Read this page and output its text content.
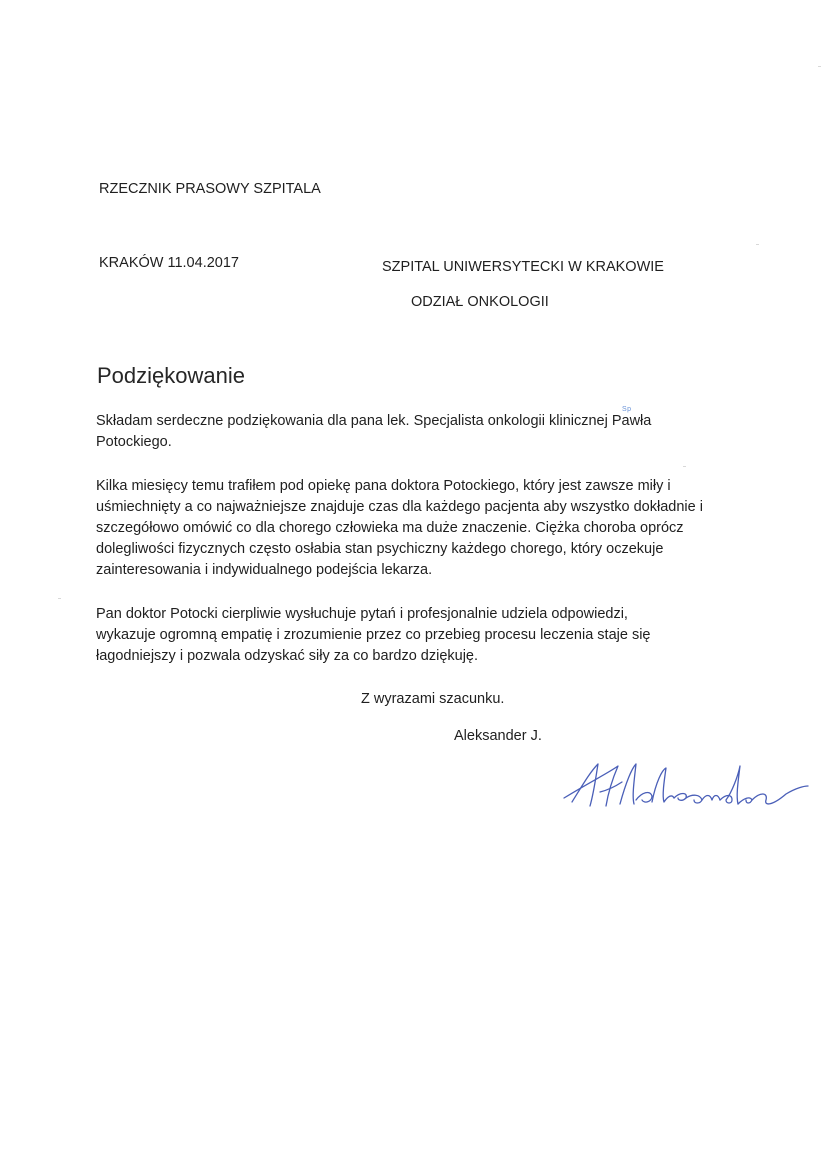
RZECZNIK PRASOWY SZPITALA
KRAKÓW 11.04.2017	SZPITAL UNIWERSYTECKI W KRAKOWIE
ODZIAŁ ONKOLOGII
Podziękowanie
Składam serdeczne podziękowania dla pana lek. Specjalista onkologii klinicznej Pawła
Potockiego.
Sp
Kilka miesięcy temu trafiłem pod opiekę pana doktora Potockiego, który jest zawsze miły i
uśmiechnięty a co najważniejsze znajduje czas dla każdego pacjenta aby wszystko dokładnie i
szczegółowo omówić co dla chorego człowieka ma duże znaczenie. Ciężka choroba oprócz
dolegliwości fizycznych często osłabia stan psychiczny każdego chorego, który oczekuje
zainteresowania i indywidualnego podejścia lekarza.
Pan doktor Potocki cierpliwie wysłuchuje pytań i profesjonalnie udziela odpowiedzi,
wykazuje ogromną empatię i zrozumienie przez co przebieg procesu leczenia staje się
łagodniejszy i pozwala odzyskać siły za co bardzo dziękuję.
Z wyrazami szacunku.
Aleksander J.
